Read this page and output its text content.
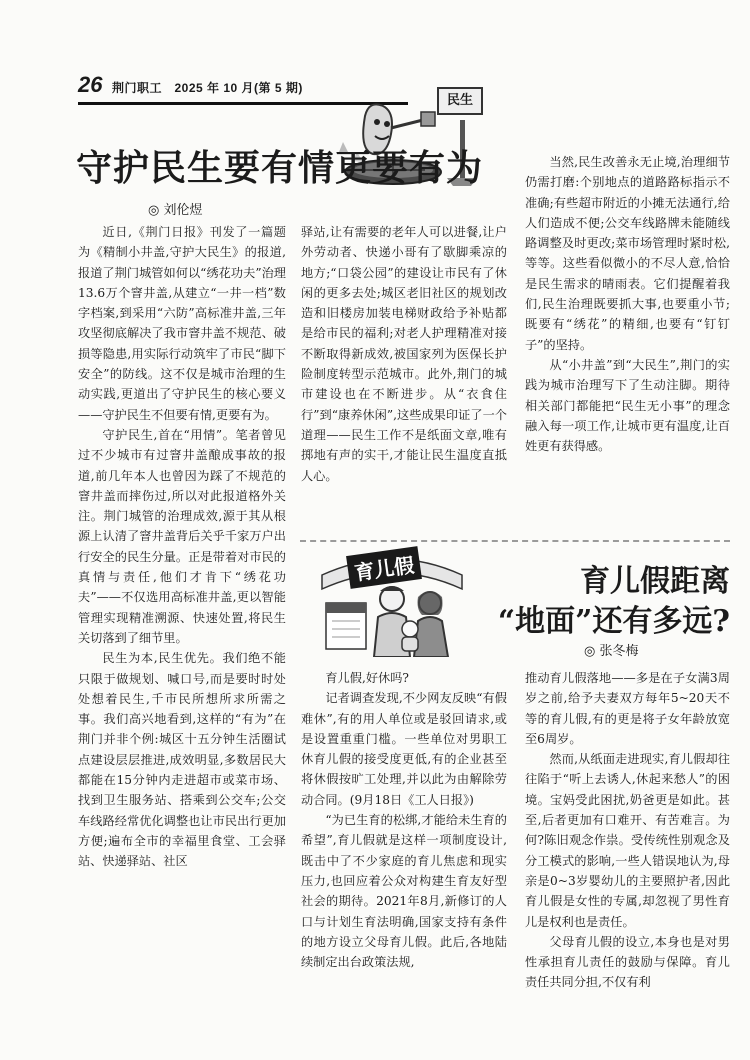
26 荆门职工　2025 年 10 月(第 5 期)
民生
守护民生要有情更要有为
◎ 刘伦煜

近日,《荆门日报》刊发了一篇题为《精制小井盖,守护大民生》的报道,报道了荆门城管如何以“绣花功夫”治理13.6万个窨井盖,从建立“一井一档”数字档案,到采用“六防”高标准井盖,三年攻坚彻底解决了我市窨井盖不规范、破损等隐患,用实际行动筑牢了市民“脚下安全”的防线。这不仅是城市治理的生动实践,更道出了守护民生的核心要义——守护民生不但要有情,更要有为。

守护民生,首在“用情”。笔者曾见过不少城市有过窨井盖酿成事故的报道,前几年本人也曾因为踩了不规范的窨井盖而摔伤过,所以对此报道格外关注。荆门城管的治理成效,源于其从根源上认清了窨井盖背后关乎千家万户出行安全的民生分量。正是带着对市民的真情与责任,他们才肯下“绣花功夫”——不仅选用高标准井盖,更以智能管理实现精准溯源、快速处置,将民生关切落到了细节里。

民生为本,民生优先。我们绝不能只限于做规划、喊口号,而是要时时处处想着民生,千市民所想所求所需之事。我们高兴地看到,这样的“有为”在荆门并非个例:城区十五分钟生活圈试点建设层层推进,成效明显,多数居民大都能在15分钟内走进超市或菜市场、找到卫生服务站、搭乘到公交车;公交车线路经常优化调整也让市民出行更加方便;遍布全市的幸福里食堂、工会驿站、快递驿站、社区

驿站,让有需要的老年人可以进餐,让户外劳动者、快递小哥有了歇脚乘凉的地方;“口袋公园”的建设让市民有了休闲的更多去处;城区老旧社区的规划改造和旧楼房加装电梯财政给予补贴都是给市民的福利;对老人护理精准对接不断取得新成效,被国家列为医保长护险制度转型示范城市。此外,荆门的城市建设也在不断进步。从“衣食住行”到“康养休闲”,这些成果印证了一个道理——民生工作不是纸面文章,唯有掷地有声的实干,才能让民生温度直抵人心。

当然,民生改善永无止境,治理细节仍需打磨:个别地点的道路路标指示不准确;有些超市附近的小摊无法通行,给人们造成不便;公交车线路牌未能随线路调整及时更改;菜市场管理时紧时松,等等。这些看似微小的不尽人意,恰恰是民生需求的晴雨表。它们提醒着我们,民生治理既要抓大事,也要重小节;既要有“绣花”的精细,也要有“钉钉子”的坚持。

从“小井盖”到“大民生”,荆门的实践为城市治理写下了生动注脚。期待相关部门都能把“民生无小事”的理念融入每一项工作,让城市更有温度,让百姓更有获得感。

育儿假	育儿假距离
“地面”还有多远?
◎ 张冬梅

育儿假,好休吗?

记者调查发现,不少网友反映“有假难休”,有的用人单位或是驳回请求,或是设置重重门槛。一些单位对男职工休育儿假的接受度更低,有的企业甚至将休假按旷工处理,并以此为由解除劳动合同。(9月18日《工人日报》)

“为已生育的松绑,才能给未生育的希望”,育儿假就是这样一项制度设计,既击中了不少家庭的育儿焦虑和现实压力,也回应着公众对构建生育友好型社会的期待。2021年8月,新修订的人口与计划生育法明确,国家支持有条件的地方设立父母育儿假。此后,各地陆续制定出台政策法规,

推动育儿假落地——多是在子女满3周岁之前,给予夫妻双方每年5~20天不等的育儿假,有的更是将子女年龄放宽至6周岁。

然而,从纸面走进现实,育儿假却往往陷于“听上去诱人,休起来愁人”的困境。宝妈受此困扰,奶爸更是如此。甚至,后者更加有口难开、有苦难言。为何?陈旧观念作祟。受传统性别观念及分工模式的影响,一些人错误地认为,母亲是0~3岁婴幼儿的主要照护者,因此育儿假是女性的专属,却忽视了男性育儿是权利也是责任。

父母育儿假的设立,本身也是对男性承担育儿责任的鼓励与保障。育儿责任共同分担,不仅有利
